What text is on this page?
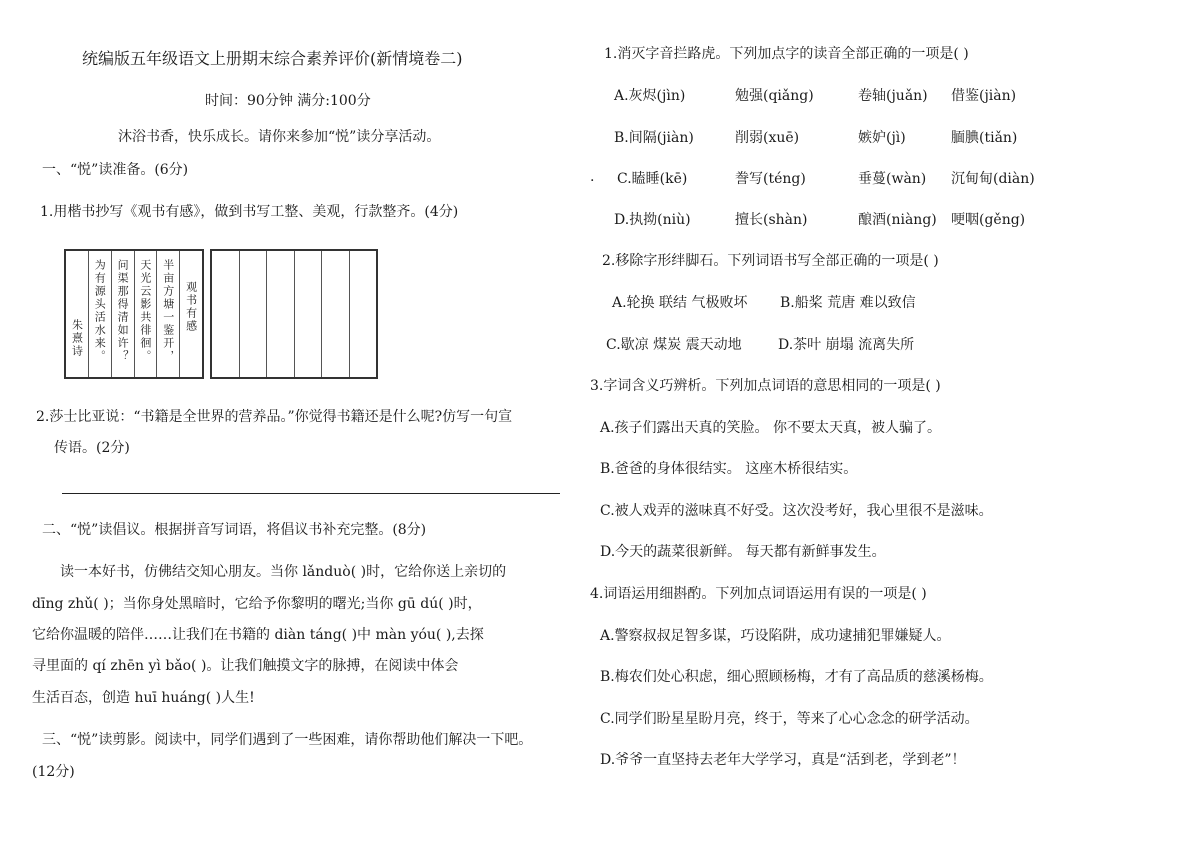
统编版五年级语文上册期末综合素养评价(新情境卷二)
时间：90分钟 满分:100分
沐浴书香，快乐成长。请你来参加“悦”读分享活动。
一、“悦”读准备。(6分)
1.用楷书抄写《观书有感》，做到书写工整、美观，行款整齐。(4分)
观书有感
半亩方塘一鉴开，
天光云影共徘徊。
问渠那得清如许？
为有源头活水来。
朱熹诗
2.莎士比亚说：“书籍是全世界的营养品。”你觉得书籍还是什么呢?仿写一句宣
传语。(2分)
二、“悦”读倡议。根据拼音写词语，将倡议书补充完整。(8分)
读一本好书，仿佛结交知心朋友。当你 lǎnduò( )时，它给你送上亲切的
dīng zhǔ( )；当你身处黑暗时，它给予你黎明的曙光;当你 gū dú( )时，
它给你温暖的陪伴……让我们在书籍的 diàn táng( )中 màn yóu( ),去探
寻里面的 qí zhēn yì bǎo( )。让我们触摸文字的脉搏，在阅读中体会
生活百态，创造 huī huáng( )人生!
三、“悦”读剪影。阅读中，同学们遇到了一些困难，请你帮助他们解决一下吧。
(12分)
1.消灭字音拦路虎。下列加点字的读音全部正确的一项是( )
A.灰烬(jìn)	勉强(qiǎng)	卷轴(juǎn) 借鉴(jiàn)
B.间隔(jiàn)	削弱(xuē)	嫉妒(jì)	腼腆(tiǎn)
. C.瞌睡(kē)	誊写(téng)	垂蔓(wàn) 沉甸甸(diàn)
D.执拗(niù)	擅长(shàn)	酿酒(niàng) 哽咽(gěng)
2.移除字形绊脚石。下列词语书写全部正确的一项是( )
A.轮换 联结 气极败坏 B.船桨 荒唐 难以致信
C.歇凉 煤炭 震天动地	D.茶叶 崩塌 流离失所
3.字词含义巧辨析。下列加点词语的意思相同的一项是( )
A.孩子们露出天真的笑脸。 你不要太天真，被人骗了。
B.爸爸的身体很结实。 这座木桥很结实。
C.被人戏弄的滋味真不好受。这次没考好，我心里很不是滋味。
D.今天的蔬菜很新鲜。 每天都有新鲜事发生。
4.词语运用细斟酌。下列加点词语运用有误的一项是( )
A.警察叔叔足智多谋，巧设陷阱，成功逮捕犯罪嫌疑人。
B.梅农们处心积虑，细心照顾杨梅，才有了高品质的慈溪杨梅。
C.同学们盼星星盼月亮，终于，等来了心心念念的研学活动。
D.爷爷一直坚持去老年大学学习，真是“活到老，学到老”！
